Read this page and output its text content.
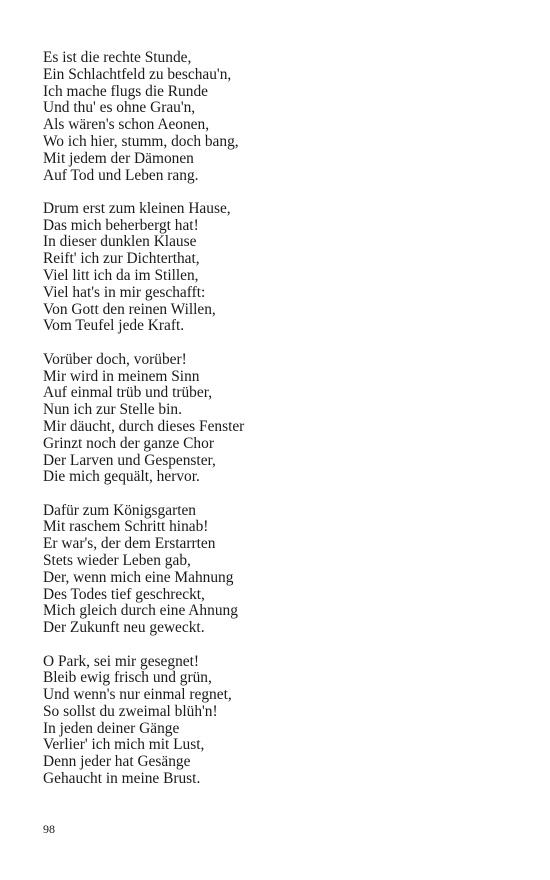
Es ist die rechte Stunde,
Ein Schlachtfeld zu beschau'n,
Ich mache flugs die Runde
Und thu' es ohne Grau'n,
Als wären's schon Aeonen,
Wo ich hier, stumm, doch bang,
Mit jedem der Dämonen
Auf Tod und Leben rang.
Drum erst zum kleinen Hause,
Das mich beherbergt hat!
In dieser dunklen Klause
Reift' ich zur Dichterthat,
Viel litt ich da im Stillen,
Viel hat's in mir geschafft:
Von Gott den reinen Willen,
Vom Teufel jede Kraft.
Vorüber doch, vorüber!
Mir wird in meinem Sinn
Auf einmal trüb und trüber,
Nun ich zur Stelle bin.
Mir däucht, durch dieses Fenster
Grinzt noch der ganze Chor
Der Larven und Gespenster,
Die mich gequält, hervor.
Dafür zum Königsgarten
Mit raschem Schritt hinab!
Er war's, der dem Erstarrten
Stets wieder Leben gab,
Der, wenn mich eine Mahnung
Des Todes tief geschreckt,
Mich gleich durch eine Ahnung
Der Zukunft neu geweckt.
O Park, sei mir gesegnet!
Bleib ewig frisch und grün,
Und wenn's nur einmal regnet,
So sollst du zweimal blüh'n!
In jeden deiner Gänge
Verlier' ich mich mit Lust,
Denn jeder hat Gesänge
Gehaucht in meine Brust.
98
